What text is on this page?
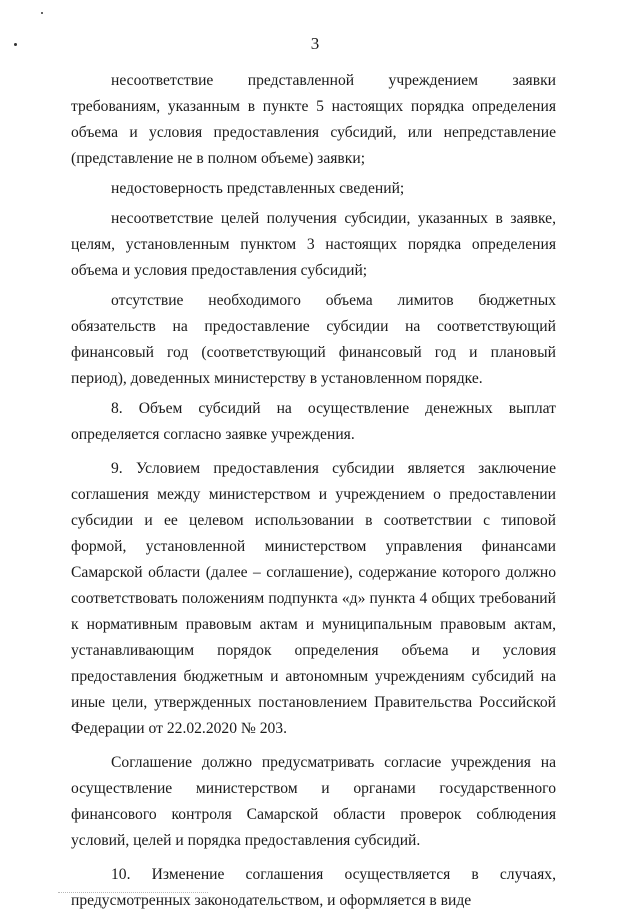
3

несоответствие представленной учреждением заявки требованиям, указанным в пункте 5 настоящих порядка определения объема и условия предоставления субсидий, или непредставление (представление не в полном объеме) заявки;

недостоверность представленных сведений;

несоответствие целей получения субсидии, указанных в заявке, целям, установленным пунктом 3 настоящих порядка определения объема и условия предоставления субсидий;

отсутствие необходимого объема лимитов бюджетных обязательств на предоставление субсидии на соответствующий финансовый год (соответствующий финансовый год и плановый период), доведенных министерству в установленном порядке.

8. Объем субсидий на осуществление денежных выплат определяется согласно заявке учреждения.

9. Условием предоставления субсидии является заключение соглашения между министерством и учреждением о предоставлении субсидии и ее целевом использовании в соответствии с типовой формой, установленной министерством управления финансами Самарской области (далее – соглашение), содержание которого должно соответствовать положениям подпункта «д» пункта 4 общих требований к нормативным правовым актам и муниципальным правовым актам, устанавливающим порядок определения объема и условия предоставления бюджетным и автономным учреждениям субсидий на иные цели, утвержденных постановлением Правительства Российской Федерации от 22.02.2020 № 203.

Соглашение должно предусматривать согласие учреждения на осуществление министерством и органами государственного финансового контроля Самарской области проверок соблюдения условий, целей и порядка предоставления субсидий.

10. Изменение соглашения осуществляется в случаях, предусмотренных законодательством, и оформляется в виде
